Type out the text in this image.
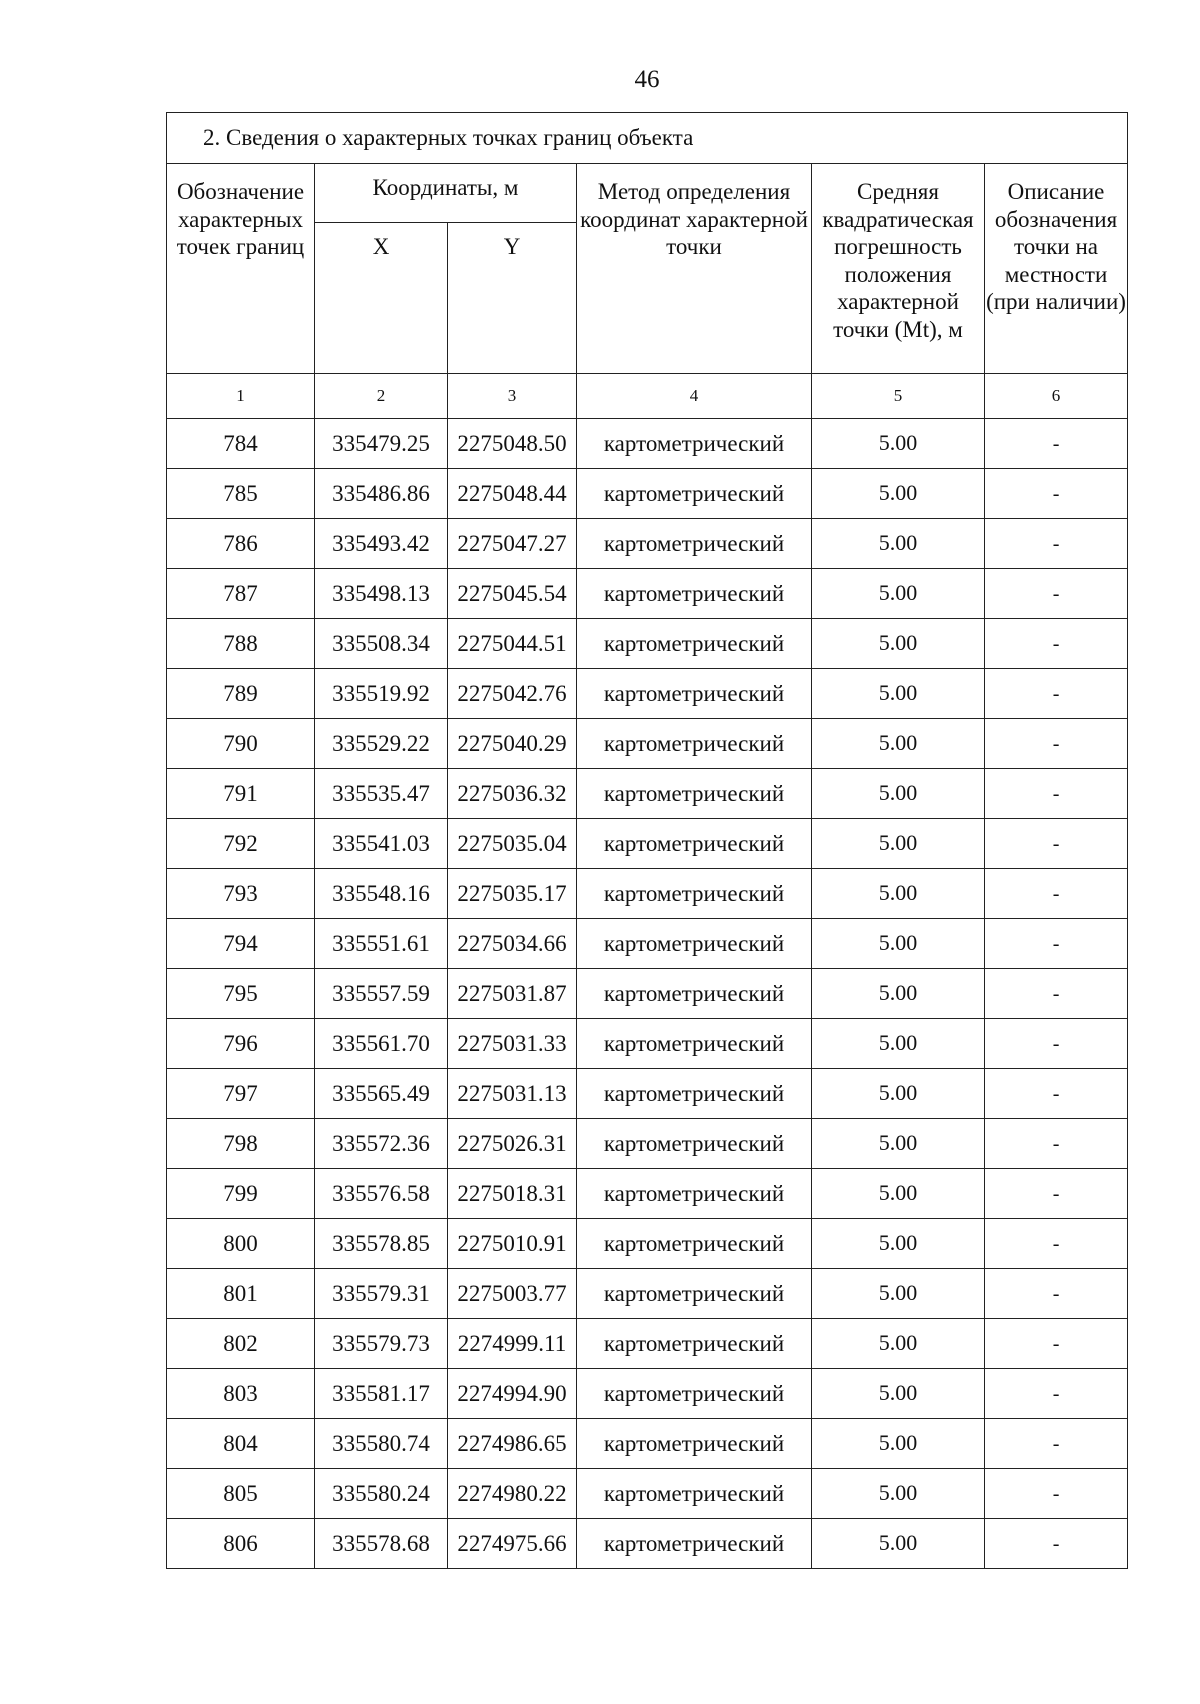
46
2. Сведения о характерных точках границ объекта					
Обозначение характерных точек границ	Координаты, м		Метод определения координат характерной точки	Средняя квадратическая погрешность положения характерной точки (Mt), м	Описание обозначения точки на местности (при наличии)
	X	Y			
1	2	3	4	5	6
784	335479.25	2275048.50	картометрический	5.00	-
785	335486.86	2275048.44	картометрический	5.00	-
786	335493.42	2275047.27	картометрический	5.00	-
787	335498.13	2275045.54	картометрический	5.00	-
788	335508.34	2275044.51	картометрический	5.00	-
789	335519.92	2275042.76	картометрический	5.00	-
790	335529.22	2275040.29	картометрический	5.00	-
791	335535.47	2275036.32	картометрический	5.00	-
792	335541.03	2275035.04	картометрический	5.00	-
793	335548.16	2275035.17	картометрический	5.00	-
794	335551.61	2275034.66	картометрический	5.00	-
795	335557.59	2275031.87	картометрический	5.00	-
796	335561.70	2275031.33	картометрический	5.00	-
797	335565.49	2275031.13	картометрический	5.00	-
798	335572.36	2275026.31	картометрический	5.00	-
799	335576.58	2275018.31	картометрический	5.00	-
800	335578.85	2275010.91	картометрический	5.00	-
801	335579.31	2275003.77	картометрический	5.00	-
802	335579.73	2274999.11	картометрический	5.00	-
803	335581.17	2274994.90	картометрический	5.00	-
804	335580.74	2274986.65	картометрический	5.00	-
805	335580.24	2274980.22	картометрический	5.00	-
806	335578.68	2274975.66	картометрический	5.00	-
